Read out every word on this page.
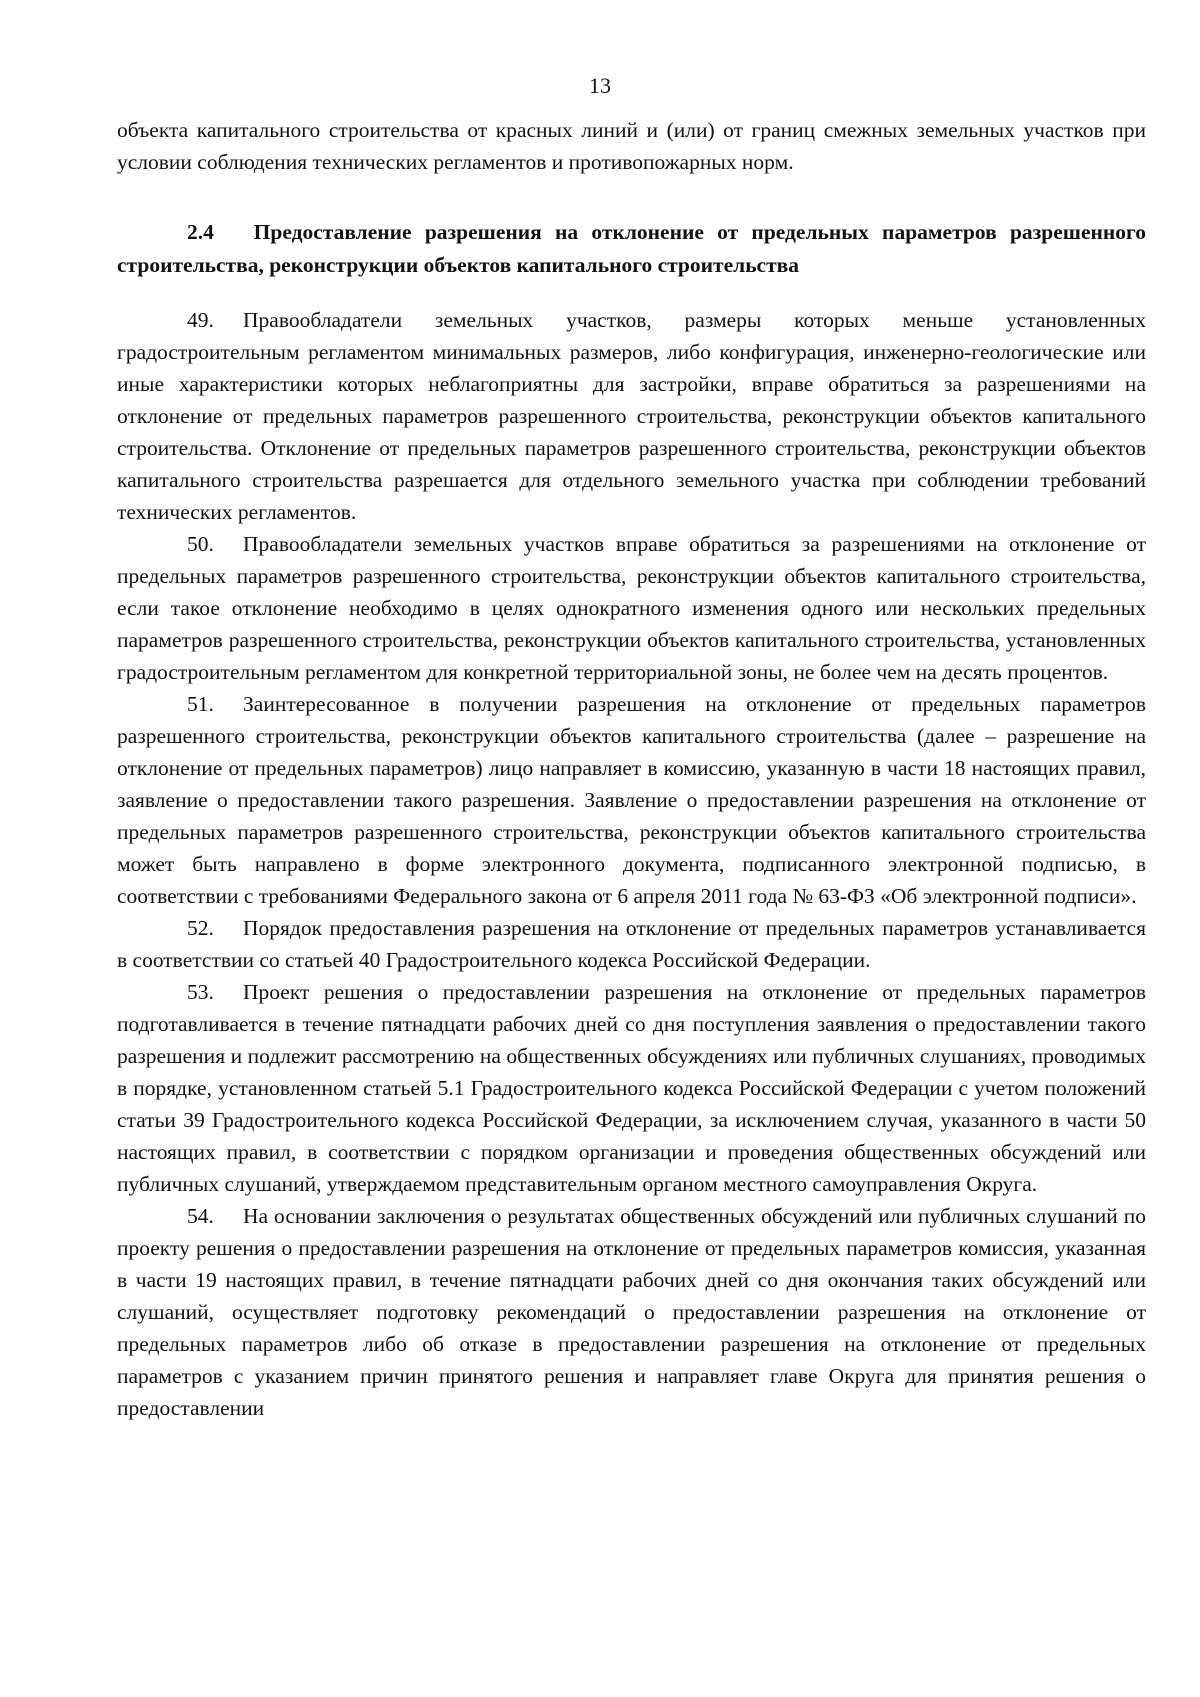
13

объекта капитального строительства от красных линий и (или) от границ смежных земельных участков при условии соблюдения технических регламентов и противопожарных норм.

2.4 Предоставление разрешения на отклонение от предельных параметров разрешенного строительства, реконструкции объектов капитального строительства

49. Правообладатели земельных участков, размеры которых меньше установленных градостроительным регламентом минимальных размеров, либо конфигурация, инженерно-геологические или иные характеристики которых неблагоприятны для застройки, вправе обратиться за разрешениями на отклонение от предельных параметров разрешенного строительства, реконструкции объектов капитального строительства. Отклонение от предельных параметров разрешенного строительства, реконструкции объектов капитального строительства разрешается для отдельного земельного участка при соблюдении требований технических регламентов.

50. Правообладатели земельных участков вправе обратиться за разрешениями на отклонение от предельных параметров разрешенного строительства, реконструкции объектов капитального строительства, если такое отклонение необходимо в целях однократного изменения одного или нескольких предельных параметров разрешенного строительства, реконструкции объектов капитального строительства, установленных градостроительным регламентом для конкретной территориальной зоны, не более чем на десять процентов.

51. Заинтересованное в получении разрешения на отклонение от предельных параметров разрешенного строительства, реконструкции объектов капитального строительства (далее – разрешение на отклонение от предельных параметров) лицо направляет в комиссию, указанную в части 18 настоящих правил, заявление о предоставлении такого разрешения. Заявление о предоставлении разрешения на отклонение от предельных параметров разрешенного строительства, реконструкции объектов капитального строительства может быть направлено в форме электронного документа, подписанного электронной подписью, в соответствии с требованиями Федерального закона от 6 апреля 2011 года № 63-ФЗ «Об электронной подписи».

52. Порядок предоставления разрешения на отклонение от предельных параметров устанавливается в соответствии со статьей 40 Градостроительного кодекса Российской Федерации.

53. Проект решения о предоставлении разрешения на отклонение от предельных параметров подготавливается в течение пятнадцати рабочих дней со дня поступления заявления о предоставлении такого разрешения и подлежит рассмотрению на общественных обсуждениях или публичных слушаниях, проводимых в порядке, установленном статьей 5.1 Градостроительного кодекса Российской Федерации с учетом положений статьи 39 Градостроительного кодекса Российской Федерации, за исключением случая, указанного в части 50 настоящих правил, в соответствии с порядком организации и проведения общественных обсуждений или публичных слушаний, утверждаемом представительным органом местного самоуправления Округа.

54. На основании заключения о результатах общественных обсуждений или публичных слушаний по проекту решения о предоставлении разрешения на отклонение от предельных параметров комиссия, указанная в части 19 настоящих правил, в течение пятнадцати рабочих дней со дня окончания таких обсуждений или слушаний, осуществляет подготовку рекомендаций о предоставлении разрешения на отклонение от предельных параметров либо об отказе в предоставлении разрешения на отклонение от предельных параметров с указанием причин принятого решения и направляет главе Округа для принятия решения о предоставлении
